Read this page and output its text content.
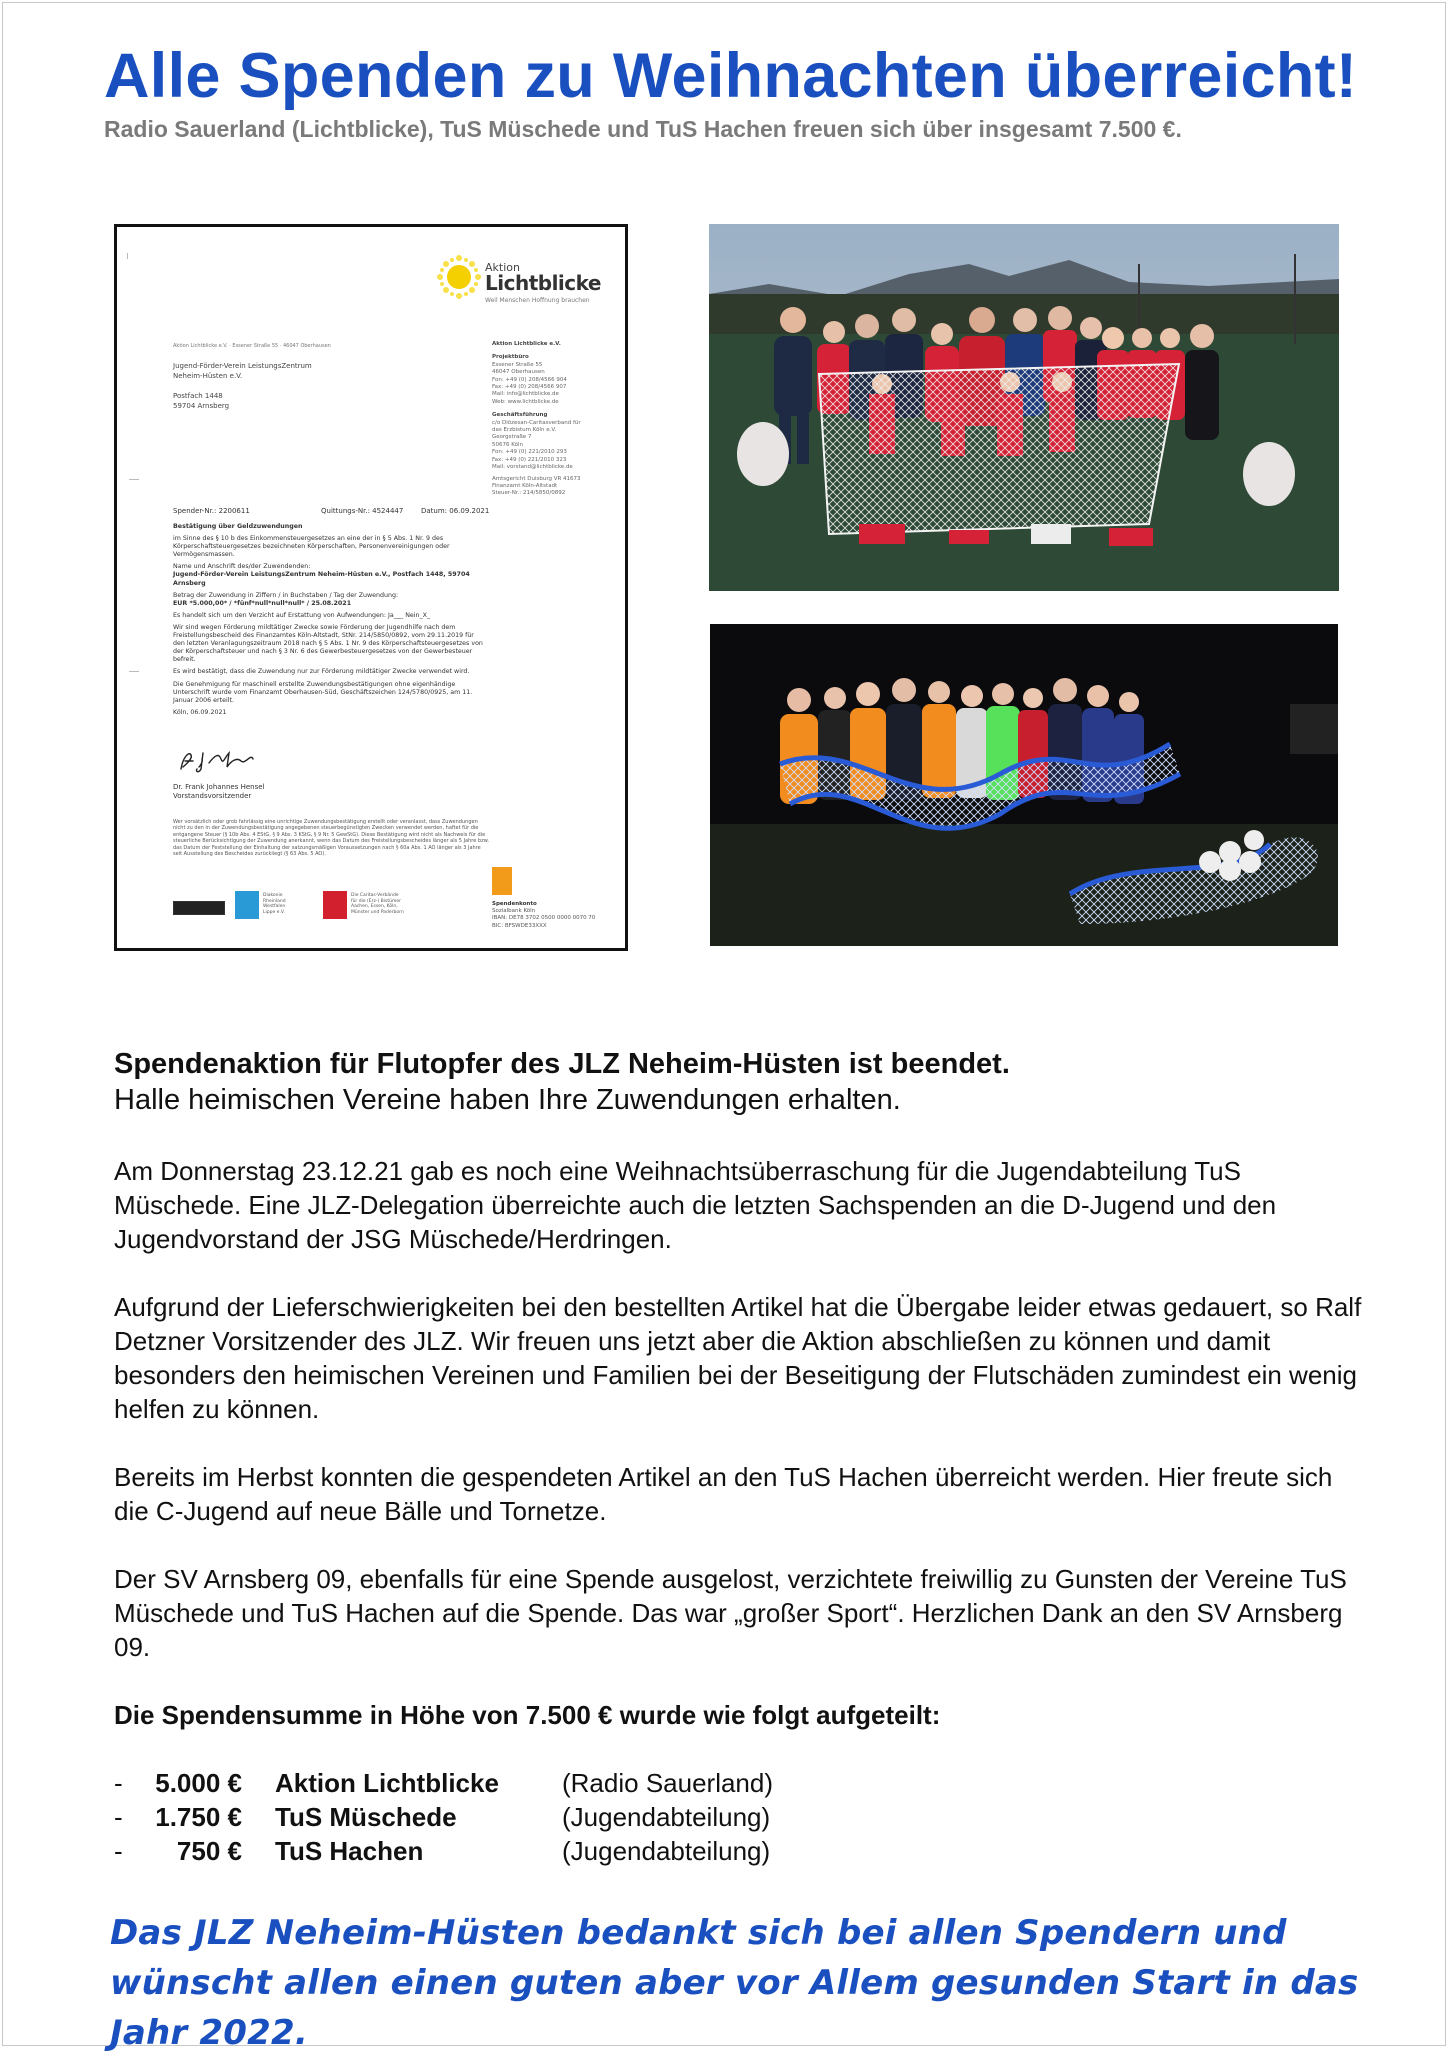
Alle Spenden zu Weihnachten überreicht!
Radio Sauerland (Lichtblicke), TuS Müschede und TuS Hachen freuen sich über insgesamt 7.500 €.
Aktion
Lichtblicke
Weil Menschen Hoffnung brauchen
Aktion Lichtblicke e.V. · Essener Straße 55 · 46047 Oberhausen
Jugend-Förder-Verein LeistungsZentrum
Neheim-Hüsten e.V.
Postfach 1448
59704 Arnsberg
Aktion Lichtblicke e.V.
Projektbüro
Essener Straße 55
46047 Oberhausen
Fon: +49 (0) 208/4566 904
Fax: +49 (0) 208/4566 907
Mail: info@lichtblicke.de
Web: www.lichtblicke.de
Geschäftsführung
c/o Diözesan-Caritasverband für
das Erzbistum Köln e.V.
Georgstraße 7
50676 Köln
Fon: +49 (0) 221/2010 293
Fax: +49 (0) 221/2010 323
Mail: vorstand@lichtblicke.de
Amtsgericht Duisburg VR 41673
Finanzamt Köln-Altstadt
Steuer-Nr.: 214/5850/0892
Spender-Nr.: 2200611	Quittungs-Nr.: 4524447	Datum: 06.09.2021

Bestätigung über Geldzuwendungen

im Sinne des § 10 b des Einkommensteuergesetzes an eine der in § 5 Abs. 1 Nr. 9 des Körperschaftsteuergesetzes bezeichneten Körperschaften, Personenvereinigungen oder Vermögensmassen.

Name und Anschrift des/der Zuwendenden:

Jugend-Förder-Verein LeistungsZentrum Neheim-Hüsten e.V., Postfach 1448, 59704 Arnsberg

Betrag der Zuwendung in Ziffern / in Buchstaben / Tag der Zuwendung:

EUR *5.000,00* / *fünf*null*null*null* / 25.08.2021

Es handelt sich um den Verzicht auf Erstattung von Aufwendungen: Ja___ Nein_X_

Wir sind wegen Förderung mildtätiger Zwecke sowie Förderung der Jugendhilfe nach dem Freistellungsbescheid des Finanzamtes Köln-Altstadt, StNr. 214/5850/0892, vom 29.11.2019 für den letzten Veranlagungszeitraum 2018 nach § 5 Abs. 1 Nr. 9 des Körperschaftsteuergesetzes von der Körperschaftsteuer und nach § 3 Nr. 6 des Gewerbesteuergesetzes von der Gewerbesteuer befreit.

Es wird bestätigt, dass die Zuwendung nur zur Förderung mildtätiger Zwecke verwendet wird.

Die Genehmigung für maschinell erstellte Zuwendungsbestätigungen ohne eigenhändige Unterschrift wurde vom Finanzamt Oberhausen-Süd, Geschäftszeichen 124/5780/0925, am 11. Januar 2006 erteilt.

Köln, 06.09.2021

Dr. Frank Johannes Hensel
Vorstandsvorsitzender
Wer vorsätzlich oder grob fahrlässig eine unrichtige Zuwendungsbestätigung erstellt oder veranlasst, dass Zuwendungen nicht zu den in der Zuwendungsbestätigung angegebenen steuerbegünstigten Zwecken verwendet werden, haftet für die entgangene Steuer (§ 10b Abs. 4 EStG, § 9 Abs. 3 KStG, § 9 Nr. 5 GewStG). Diese Bestätigung wird nicht als Nachweis für die steuerliche Berücksichtigung der Zuwendung anerkannt, wenn das Datum des Freistellungsbescheides länger als 5 Jahre bzw. das Datum der Feststellung der Einhaltung der satzungsmäßigen Voraussetzungen nach § 60a Abs. 1 AO länger als 3 Jahre seit Ausstellung des Bescheides zurückliegt (§ 63 Abs. 5 AO).
Diakonie
Rheinland
Westfalen
Lippe e.V.
Die Caritas-Verbände
für die (Erz-) Bistümer
Aachen, Essen, Köln,
Münster und Paderborn
Spendenkonto
Sozialbank Köln
IBAN: DE78 3702 0500 0000 0070 70
BIC: BFSWDE33XXX

Spendenaktion für Flutopfer des JLZ Neheim-Hüsten ist beendet.

Halle heimischen Vereine haben Ihre Zuwendungen erhalten.

Am Donnerstag 23.12.21 gab es noch eine Weihnachtsüberraschung für die Jugendabteilung TuS Müschede. Eine JLZ-Delegation überreichte auch die letzten Sachspenden an die D-Jugend und den Jugendvorstand der JSG Müschede/Herdringen.

Aufgrund der Lieferschwierigkeiten bei den bestellten Artikel hat die Übergabe leider etwas gedauert, so Ralf Detzner Vorsitzender des JLZ. Wir freuen uns jetzt aber die Aktion abschließen zu können und damit besonders den heimischen Vereinen und Familien bei der Beseitigung der Flutschäden zumindest ein wenig helfen zu können.

Bereits im Herbst konnten die gespendeten Artikel an den TuS Hachen überreicht werden. Hier freute sich die C-Jugend auf neue Bälle und Tornetze.

Der SV Arnsberg 09, ebenfalls für eine Spende ausgelost, verzichtete freiwillig zu Gunsten der Vereine TuS Müschede und TuS Hachen auf die Spende. Das war „großer Sport“. Herzlichen Dank an den SV Arnsberg 09.

Die Spendensumme in Höhe von 7.500 € wurde wie folgt aufgeteilt:

-	5.000 € Aktion Lichtblicke (Radio Sauerland)
-	1.750 € TuS Müschede	(Jugendabteilung)
-	750 € TuS Hachen	(Jugendabteilung)
Das JLZ Neheim-Hüsten bedankt sich bei allen Spendern und wünscht allen einen guten aber vor Allem gesunden Start in das Jahr 2022.
